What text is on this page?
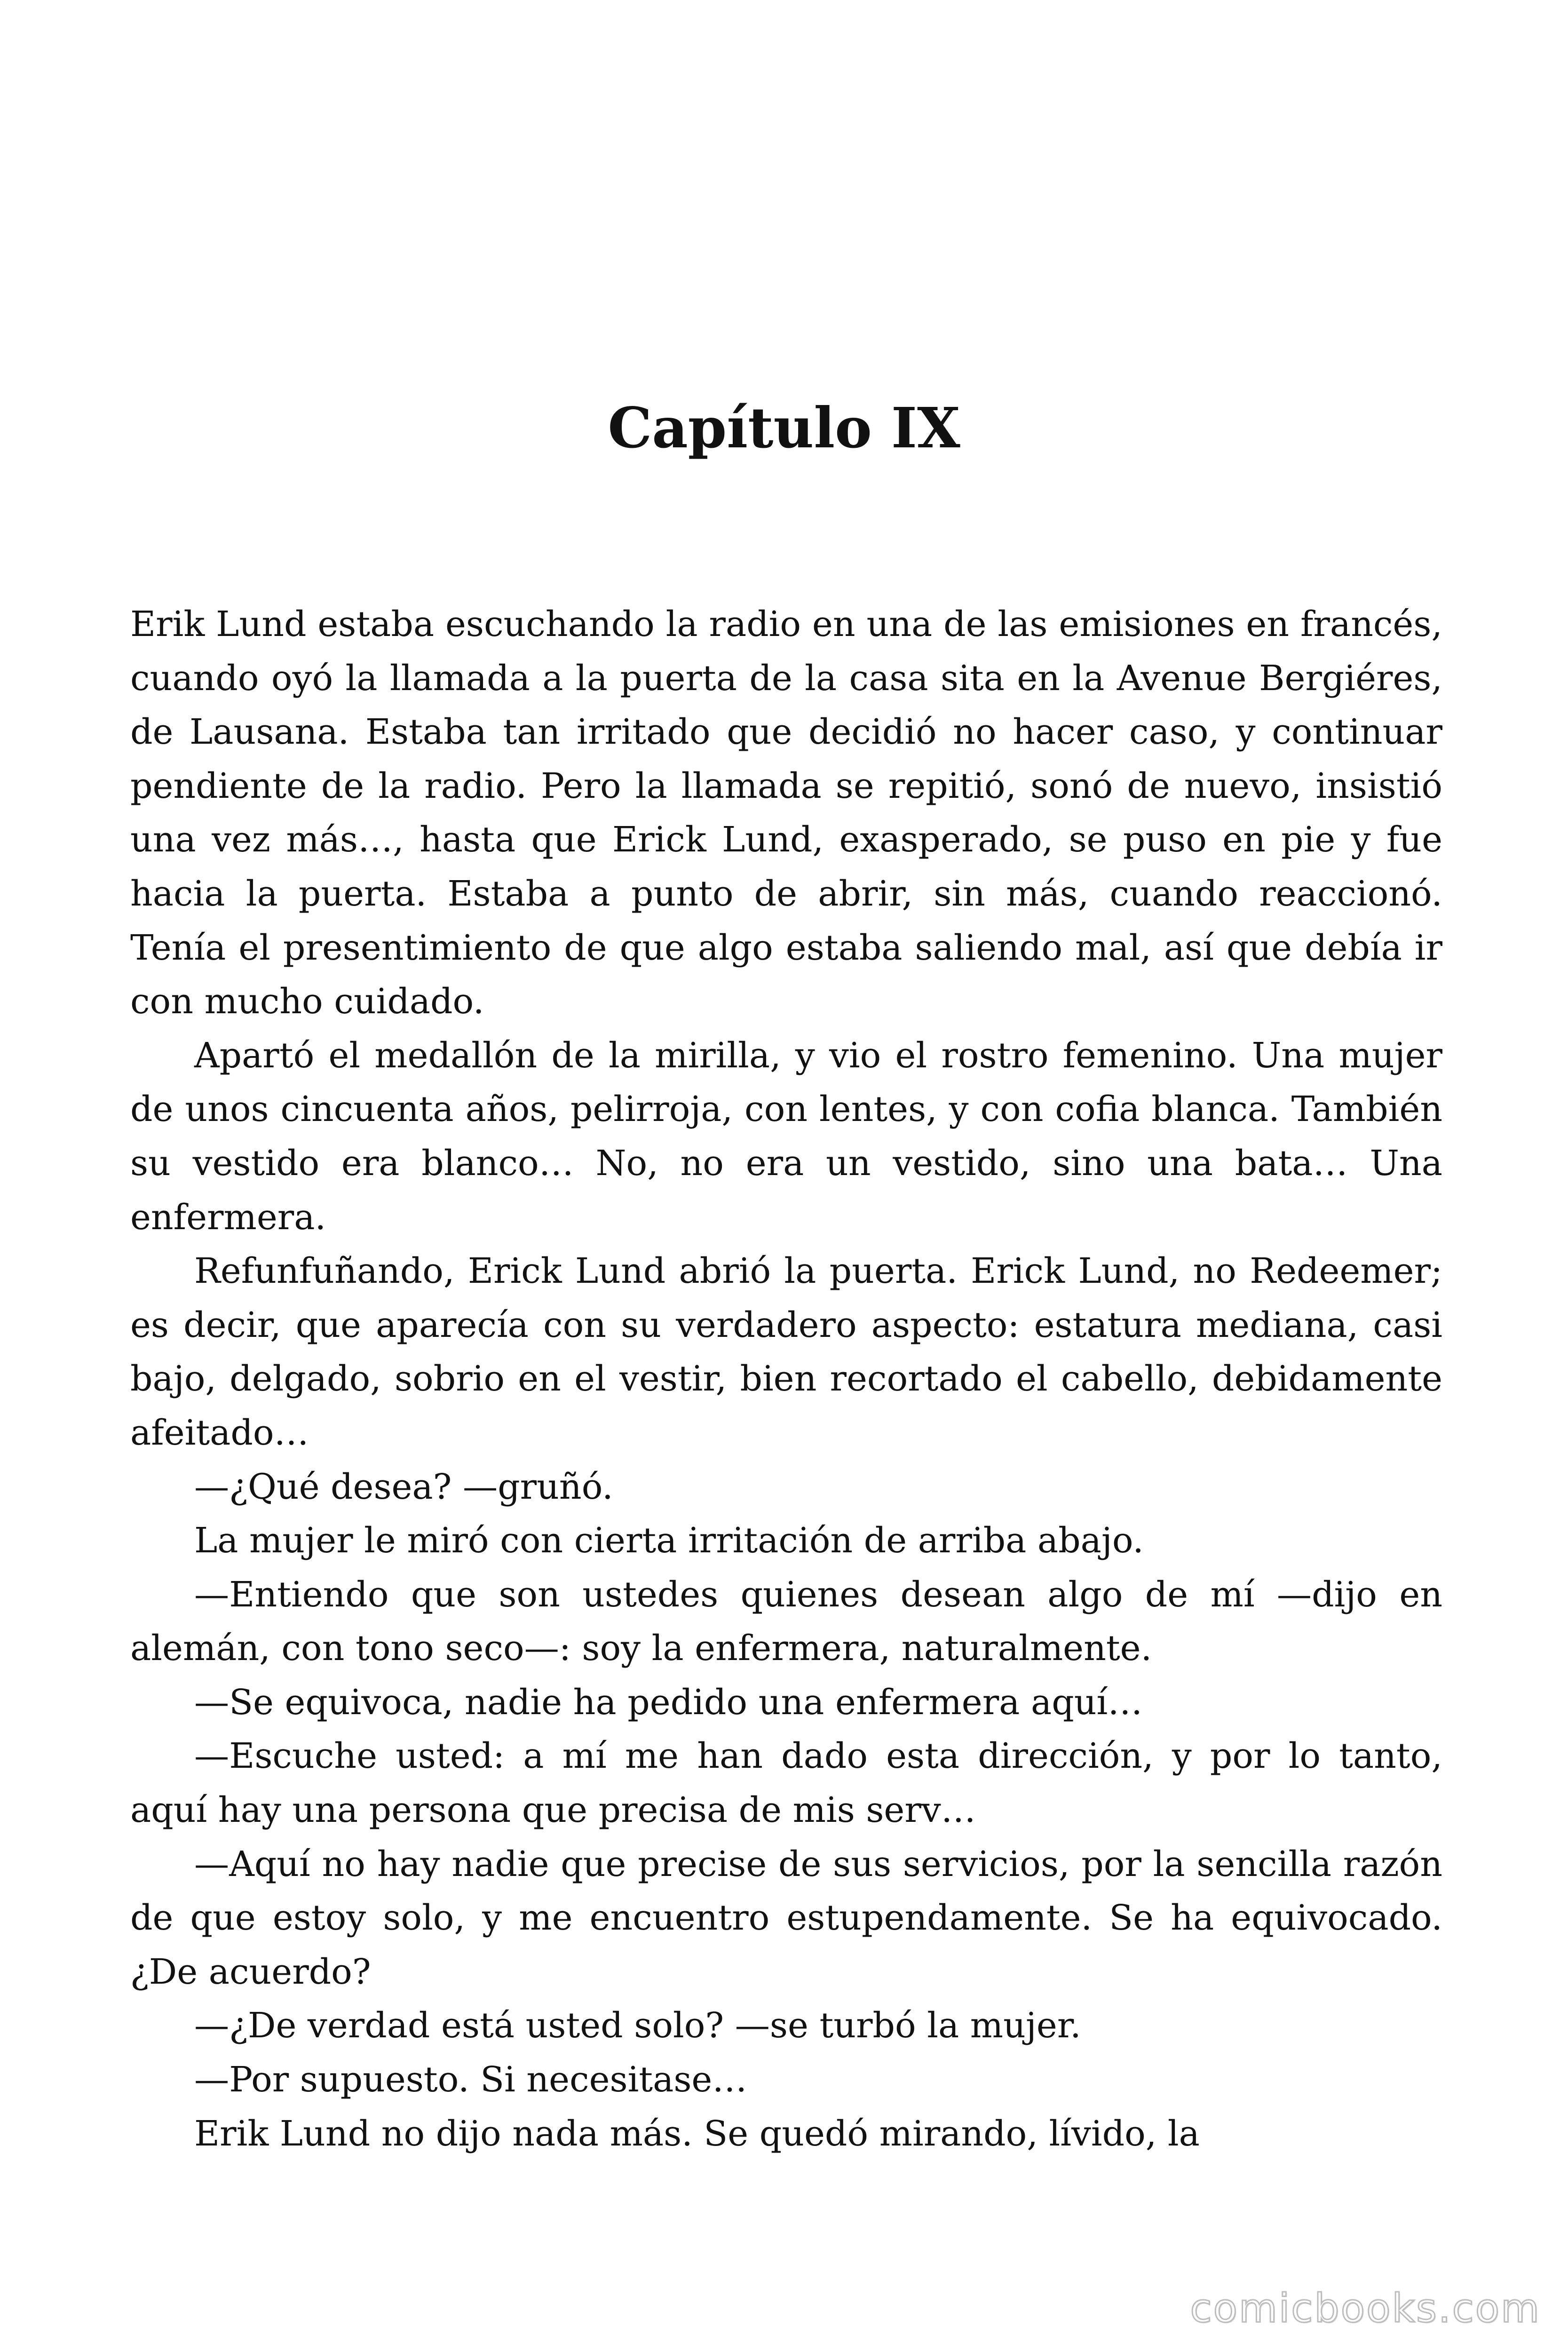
Capítulo IX

Erik Lund estaba escuchando la radio en una de las emisiones en francés, cuando oyó la llamada a la puerta de la casa sita en la Avenue Bergiéres, de Lausana. Estaba tan irritado que decidió no hacer caso, y continuar pendiente de la radio. Pero la llamada se repitió, sonó de nuevo, insistió una vez más…, hasta que Erick Lund, exasperado, se puso en pie y fue hacia la puerta. Estaba a punto de abrir, sin más, cuando reaccionó. Tenía el presentimiento de que algo estaba saliendo mal, así que debía ir con mucho cuidado.

Apartó el medallón de la mirilla, y vio el rostro femenino. Una mujer de unos cincuenta años, pelirroja, con lentes, y con cofia blanca. También su vestido era blanco… No, no era un vestido, sino una bata… Una enfermera.

Refunfuñando, Erick Lund abrió la puerta. Erick Lund, no Redeemer; es decir, que aparecía con su verdadero aspecto: estatura mediana, casi bajo, delgado, sobrio en el vestir, bien recortado el cabello, debidamente afeitado…

—¿Qué desea? —gruñó.

La mujer le miró con cierta irritación de arriba abajo.

—Entiendo que son ustedes quienes desean algo de mí —dijo en alemán, con tono seco—: soy la enfermera, naturalmente.

—Se equivoca, nadie ha pedido una enfermera aquí…

—Escuche usted: a mí me han dado esta dirección, y por lo tanto, aquí hay una persona que precisa de mis serv…

—Aquí no hay nadie que precise de sus servicios, por la sencilla razón de que estoy solo, y me encuentro estupendamente. Se ha equivocado. ¿De acuerdo?

—¿De verdad está usted solo? —se turbó la mujer.

—Por supuesto. Si necesitase…

Erik Lund no dijo nada más. Se quedó mirando, lívido, la

comicbooks.com
